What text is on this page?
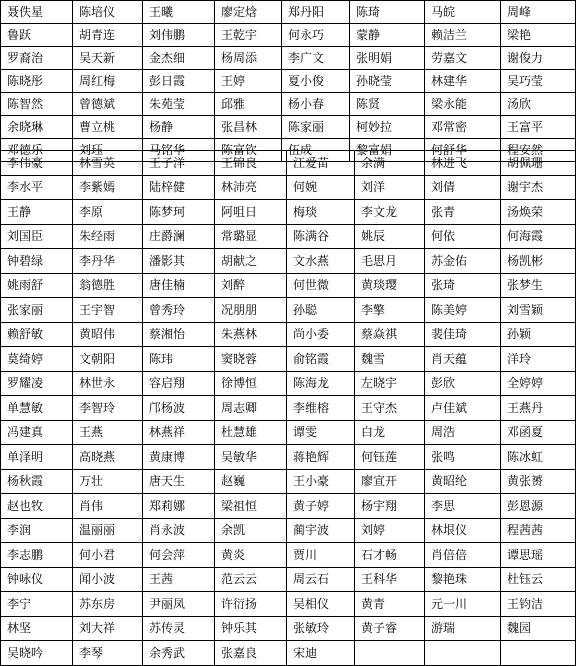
聂佚星	陈培仪	王曦	廖定焓	郑丹阳	陈琦	马皖	周峰
鲁跃	胡青连	刘伟鹏	王乾宇	何永巧	蒙静	赖洁兰	梁艳
罗裔治	吴天新	金杰细	杨周添	李广文	张明娟	劳嘉文	谢俊力
陈晓彤	周红梅	彭日霞	王婷	夏小俊	孙晓莹	林建华	吴巧莹
陈智然	曾德斌	朱苑莹	邱雅	杨小春	陈贤	梁永能	汤欣
余晓琳	曹立桃	杨静	张昌林	陈家丽	柯妙拉	邓常密	王富平
邓德乐	刘珏	马铭华	陈富钦	伍成	黎富娟	何舒华	程安然
李伟豪	林雪英	王子洋	王锦良	江爱苗	余满	林进飞	胡佩珊
李水平	李紫嫣	陆梓健	林沛亮	何婉	刘洋	刘倩	谢宇杰
王静	李原	陈梦珂	阿咀日	梅琰	李文龙	张青	汤焕荣
刘国臣	朱经雨	庄爵澜	常璐显	陈满谷	姚辰	何依	何海霞
钟碧绿	李丹华	潘影其	胡献之	文水燕	毛思月	苏金佑	杨凯彬
姚雨舒	翁德胜	唐佳楠	刘醉	何世微	黄琰璎	张琦	张梦生
张家丽	王宇智	曾秀玲	况朋朋	孙聪	李擎	陈美婷	刘雪颖
赖舒敏	黄昭伟	蔡湘怡	朱燕林	尚小委	蔡焱祺	裴佳琦	孙颖
莫绮婷	文朝阳	陈玮	窦晓蓉	俞铭霞	魏雪	肖天蕴	洋玲
罗耀凌	林世永	容启翔	徐博恒	陈海龙	左晓宇	彭欣	全婷婷
单慧敏	李智玲	邝杨波	周志卿	李维榕	王守杰	卢佳斌	王燕丹
冯建真	王燕	林燕祥	杜慧雄	谭雯	白龙	周浩	邓函夏
单泽明	高晓燕	黄康博	吴敏华	蒋艳辉	何钰莲	张鸣	陈冰虹
杨秋霞	万壮	唐天生	赵巍	王小豪	廖宣开	黄昭纶	黄张赟
赵也牧	肖伟	郑莉娜	梁祖恒	黄子婷	杨宇翔	李思	彭恩源
李润	温丽丽	肖永波	余凯	蔺宇波	刘婷	林垠仪	程茜茜
李志鹏	何小君	何会萍	黄炎	贾川	石才畅	肖倍倍	谭思瑶
钟咏仪	闻小波	王茜	范云云	周云石	王科华	黎艳珠	杜钰云
李宁	苏东房	尹丽凤	许衍扬	吴相仪	黄青	元一川	王钧洁
林坚	刘大祥	苏传灵	钟乐其	张敏玲	黄子睿	游瑞	魏园
吴晓吟	李琴	余秀武	张嘉良	宋迪			
